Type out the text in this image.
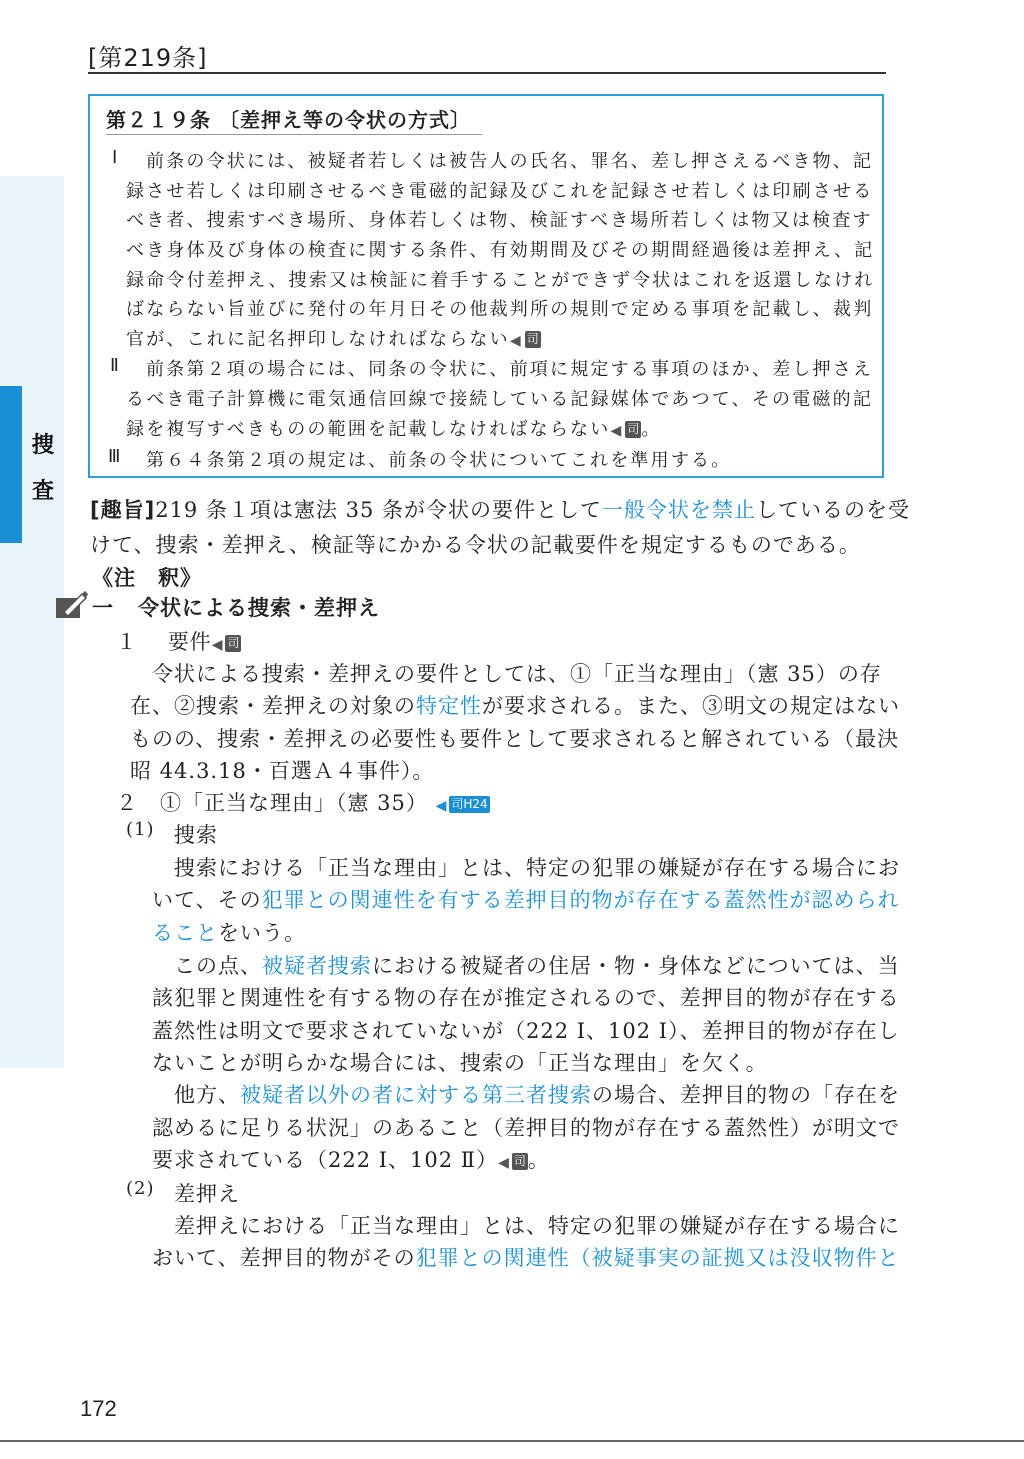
[第219条]
捜
査
第２１９条 〔差押え等の令状の方式〕
Ⅰ 前条の令状には、被疑者若しくは被告人の氏名、罪名、差し押さえるべき物、記
録させ若しくは印刷させるべき電磁的記録及びこれを記録させ若しくは印刷させる
べき者、捜索すべき場所、身体若しくは物、検証すべき場所若しくは物又は検査す
べき身体及び身体の検査に関する条件、有効期間及びその期間経過後は差押え、記
録命令付差押え、捜索又は検証に着手することができず令状はこれを返還しなけれ
ばならない旨並びに発付の年月日その他裁判所の規則で定める事項を記載し、裁判
官が、これに記名押印しなければならない◀ 司
Ⅱ 前条第２項の場合には、同条の令状に、前項に規定する事項のほか、差し押さえ
るべき電子計算機に電気通信回線で接続している記録媒体であつて、その電磁的記
録を複写すべきものの範囲を記載しなければならない◀ 司 。
Ⅲ 第６４条第２項の規定は、前条の令状についてこれを準用する。
[趣旨]219 条１項は憲法 35 条が令状の要件として一般令状を禁止しているのを受
けて、捜索・差押え、検証等にかかる令状の記載要件を規定するものである。
《注　釈》
一 令状による捜索・差押え
１　 要件◀ 司
令状による捜索・差押えの要件としては、①「正当な理由」（憲 35）の存
在、②捜索・差押えの対象の特定性が要求される。また、③明文の規定はない
ものの、捜索・差押えの必要性も要件として要求されると解されている（最決
昭 44.3.18・百選Ａ４事件）。
２　 ①「正当な理由」（憲 35） ◀ 司H24
(1) 捜索
捜索における「正当な理由」とは、特定の犯罪の嫌疑が存在する場合にお
いて、その犯罪との関連性を有する差押目的物が存在する蓋然性が認められ
ることをいう。
この点、被疑者捜索における被疑者の住居・物・身体などについては、当
該犯罪と関連性を有する物の存在が推定されるので、差押目的物が存在する
蓋然性は明文で要求されていないが（222 Ⅰ、102 Ⅰ）、差押目的物が存在し
ないことが明らかな場合には、捜索の「正当な理由」を欠く。
他方、被疑者以外の者に対する第三者捜索の場合、差押目的物の「存在を
認めるに足りる状況」のあること（差押目的物が存在する蓋然性）が明文で
要求されている（222 Ⅰ、102 Ⅱ）◀ 司。
(2) 差押え
差押えにおける「正当な理由」とは、特定の犯罪の嫌疑が存在する場合に
おいて、差押目的物がその犯罪との関連性（被疑事実の証拠又は没収物件と
172
